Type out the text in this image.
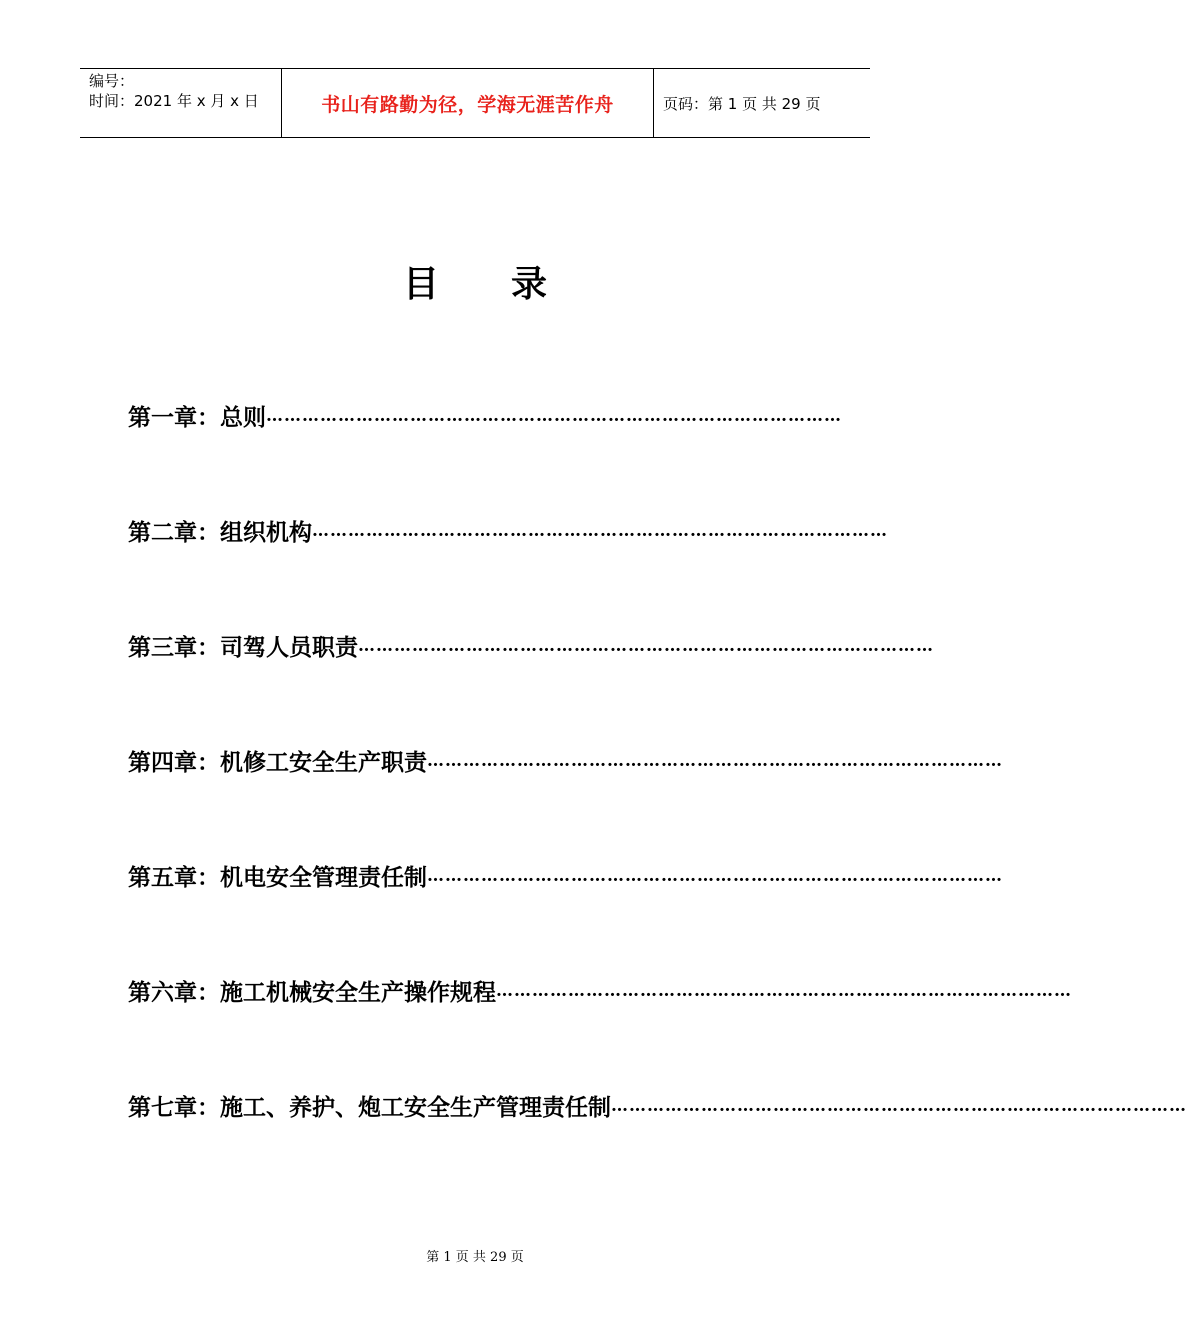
编号：
时间：2021 年 x 月 x 日	书山有路勤为径，学海无涯苦作舟	页码：第 1 页 共 29 页
目录
第一章：总则 ……………………………………………………………………………………
第二章：组织机构 ……………………………………………………………………………………
第三章：司驾人员职责 ……………………………………………………………………………………
第四章：机修工安全生产职责 ……………………………………………………………………………………
第五章：机电安全管理责任制 ……………………………………………………………………………………
第六章：施工机械安全生产操作规程 ……………………………………………………………………………………
第七章：施工、养护、炮工安全生产管理责任制 ……………………………………………………………………………………
第 1 页 共 29 页
